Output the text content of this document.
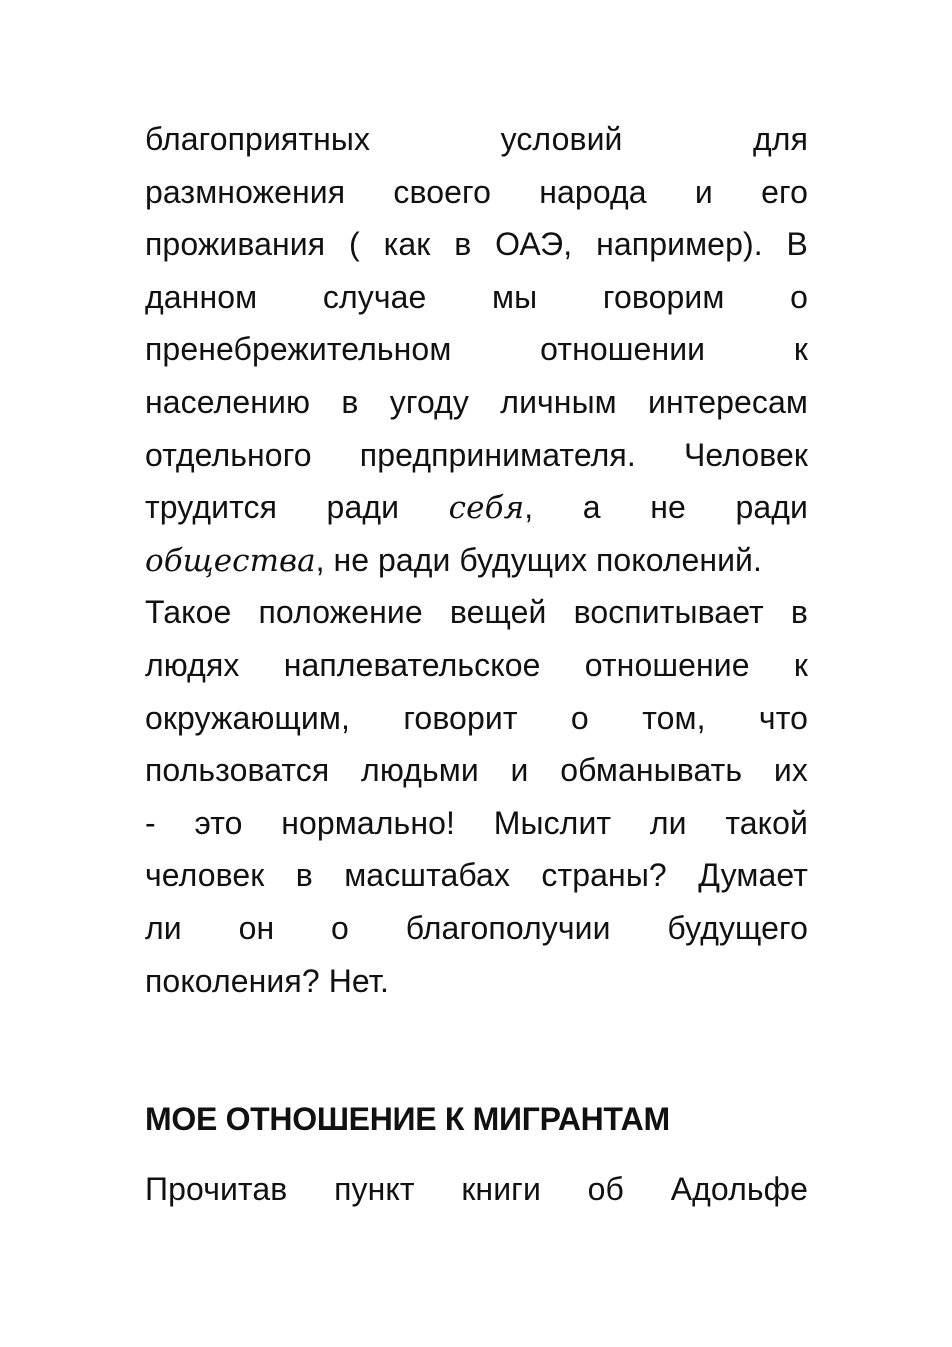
благоприятных условий для
размножения своего народа и его
проживания ( как в ОАЭ, например). В
данном случае мы говорим о
пренебрежительном отношении к
населению в угоду личным интересам
отдельного предпринимателя. Человек
трудится ради себя, а не ради
общества, не ради будущих поколений.
Такое положение вещей воспитывает в
людях наплевательское отношение к
окружающим, говорит о том, что
пользоватся людьми и обманывать их
- это нормально! Мыслит ли такой
человек в масштабах страны? Думает
ли он о благополучии будущего
поколения? Нет.
МОЕ ОТНОШЕНИЕ К МИГРАНТАМ
Прочитав пункт книги об Адольфе
